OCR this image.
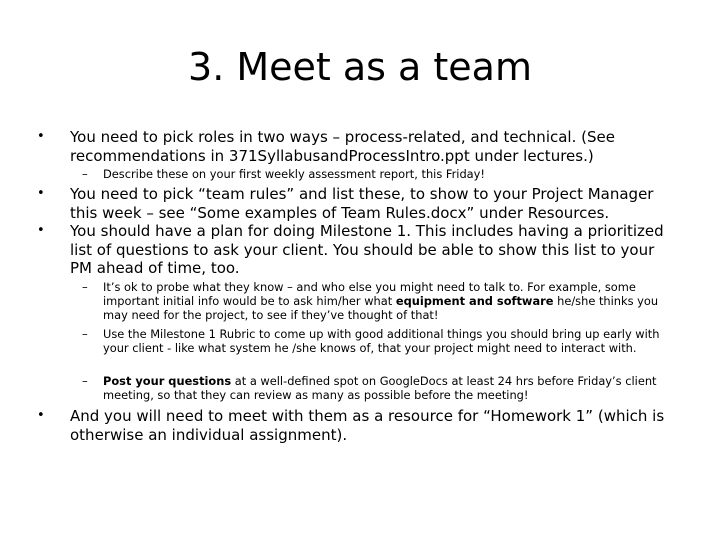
3. Meet as a team
• You need to pick roles in two ways – process-related, and technical. (See recommendations in 371SyllabusandProcessIntro.ppt under lectures.)
– Describe these on your first weekly assessment report, this Friday!
• You need to pick “team rules” and list these, to show to your Project Manager this week – see “Some examples of Team Rules.docx” under Resources.
• You should have a plan for doing Milestone 1. This includes having a prioritized list of questions to ask your client. You should be able to show this list to your PM ahead of time, too.
– It’s ok to probe what they know – and who else you might need to talk to. For example, some important initial info would be to ask him/her what equipment and software he/she thinks you may need for the project, to see if they’ve thought of that!
– Use the Milestone 1 Rubric to come up with good additional things you should bring up early with your client - like what system he /she knows of, that your project might need to interact with.
– Post your questions at a well-defined spot on GoogleDocs at least 24 hrs before Friday’s client meeting, so that they can review as many as possible before the meeting!
• And you will need to meet with them as a resource for “Homework 1” (which is otherwise an individual assignment).
